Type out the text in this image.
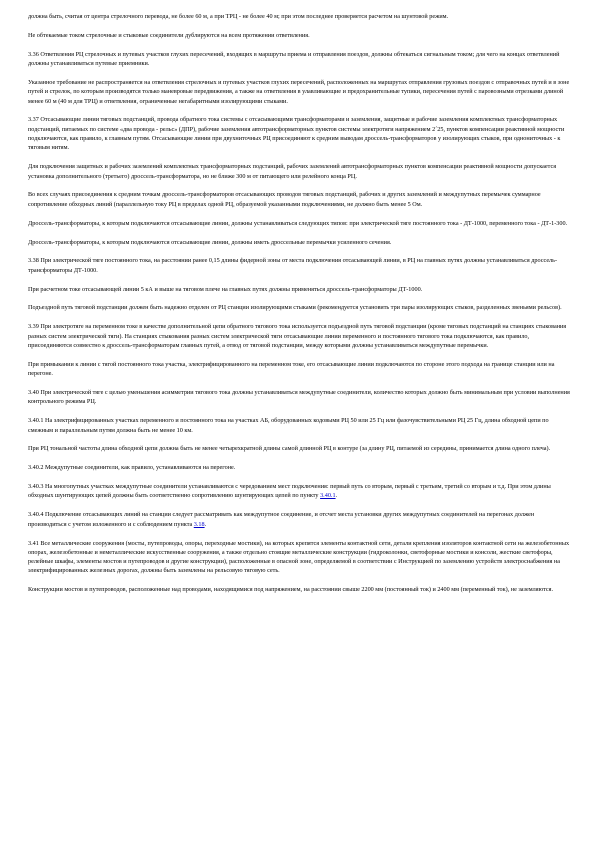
должна быть, считая от центра стрелочного перевода, не более 60 м, а при ТРЦ - не более 40 м; при этом последнее проверяется расчетом на шунтовой режим.

Не обтекаемые током стрелочные и стыковые соединители дублируются на всем протяжении ответвления.

3.36 Ответвления РЦ стрелочных и путевых участков глухих пересечений, входящих в маршруты приема и отправления поездов, должны обтекаться сигнальным током; для чего на концах ответвлений должны устанавливаться путевые приемники.

Указанное требование не распространяется на ответвления стрелочных и путевых участков глухих пересечений, расположенных на маршрутах отправления грузовых поездов с отправочных путей и в зоне путей и стрелок, по которым производятся только маневровые передвижения, а также на ответвления в улавливающие и предохранительные тупики, пересечения путей с паровозными отрезками длиной менее 60 м (40 м для ТРЦ) и ответвления, ограниченные негабаритными изолирующими стыками.

3.37 Отсасывающие линии тяговых подстанций, провода обратного тока системы с отсасывающими трансформаторами и заземления, защитные и рабочие заземления комплектных трансформаторных подстанций, питаемых по системе «два провода - рельс» (ДПР), рабочие заземления автотрансформаторных пунктов системы электротяги напряжением 2´25, пунктов компенсации реактивной мощности подключаются, как правило, к главным путям. Отсасывающие линии при двухниточных РЦ присоединяют к средним выводам дроссель-трансформаторов у изолирующих стыков, при однониточных - к тяговым нитям.

Для подключения защитных и рабочих заземлений комплектных трансформаторных подстанций, рабочих заземлений автотрансформаторных пунктов компенсации реактивной мощности допускается установка дополнительного (третьего) дроссель-трансформатора, но не ближе 300 м от питающего или релейного конца РЦ.

Во всех случаях присоединения к средним точкам дроссель-трансформаторов отсасывающих проводов тяговых подстанций, рабочих и других заземлений и междупутных перемычек суммарное сопротивление обходных линий (параллельную току РЦ в пределах одной РЦ, образуемой указанными подключениями, не должно быть менее 5 Ом.

Дроссель-трансформаторы, к которым подключаются отсасывающие линии, должны устанавливаться следующих типов: при электрической тяге постоянного тока - ДТ-1000, переменного тока - ДТ-1-300.

Дроссель-трансформаторы, к которым подключаются отсасывающие линии, должны иметь дроссельные перемычки усиленного сечения.

3.38 При электрической тяге постоянного тока, на расстоянии ранее 0,15 длины фидерной зоны от места подключения отсасывающей линии, в РЦ на главных путях должны устанавливаться дроссель-трансформаторы ДТ-1000.

При расчетном токе отсасывающей линии 5 кА и выше на тяговом плече на главных путях должны применяться дроссель-трансформаторы ДТ-1000.

Подъездной путь тяговой подстанции должен быть надежно отделен от РЦ станции изолирующими стыками (рекомендуется установить три пары изолирующих стыков, разделенных звеньями рельсов).

3.39 При электротяге на переменном токе в качестве дополнительной цепи обратного тягового тока используется подъездной путь тяговой подстанции (кроме тяговых подстанций на станциях стыкования разных систем электрической тяги). На станциях стыкования разных систем электрической тяги отсасывающие линии переменного и постоянного тягового тока подключаются, как правило, присоединяются совместно к дроссель-трансформаторам главных путей, а отвод от тяговой подстанции, между которыми должны устанавливаться междупутные перемычки.

При примыкании к линии с тягой постоянного тока участка, электрифицированного на переменном токе, его отсасывающие линии подключаются по стороне этого подхода на границе станции или на перегоне.

3.40 При электрической тяге с целью уменьшения асимметрии тягового тока должны устанавливаться междупутные соединители, количество которых должно быть минимальным при условии выполнения контрольного режима РЦ.

3.40.1 На электрифицированных участках переменного и постоянного тока на участках АБ, оборудованных кодовыми РЦ 50 или 25 Гц или фазочувствительными РЦ 25 Гц, длина обходной цепи по смежным и параллельным путям должна быть не менее 10 км.

При РЦ тональной частоты длина обходной цепи должна быть не менее четырехкратной длины самой длинной РЦ в контуре (за длину РЦ, питаемой из середины, принимается длина одного плеча).

3.40.2 Междупутные соединители, как правило, устанавливаются на перегоне.

3.40.3 На многопутных участках междупутные соединители устанавливаются с чередованием мест подключения: первый путь со вторым, первый с третьим, третий со вторым и т.д. При этом длины обходных шунтирующих цепей должны быть соответственно сопротивлению шунтирующих цепей по пункту 3.40.1.

3.40.4 Подключение отсасывающих линий на станции следует рассматривать как междупутное соединение, и отсчет места установки других междупутных соединителей на перегонах должен производиться с учетом изложенного и с соблюдением пункта 3.18.

3.41 Все металлические сооружения (мосты, путепроводы, опоры, переходные мостики), на которых крепятся элементы контактной сети, детали крепления изоляторов контактной сети на железобетонных опорах, железобетонные и неметаллические искусственные сооружения, а также отдельно стоящие металлические конструкции (гидроколонки, светофорные мостики и консоли, жесткие светофоры, релейные шкафы, элементы мостов и путепроводов и другие конструкции), расположенные в опасной зоне, определяемой в соответствии с Инструкцией по заземлению устройств электроснабжения на электрифицированных железных дорогах, должны быть заземлены на рельсовую тяговую сеть.

Конструкции мостов и путепроводов, расположенные над проводами, находящимися под напряжением, на расстоянии свыше 2200 мм (постоянный ток) и 2400 мм (переменный ток), не заземляются.
